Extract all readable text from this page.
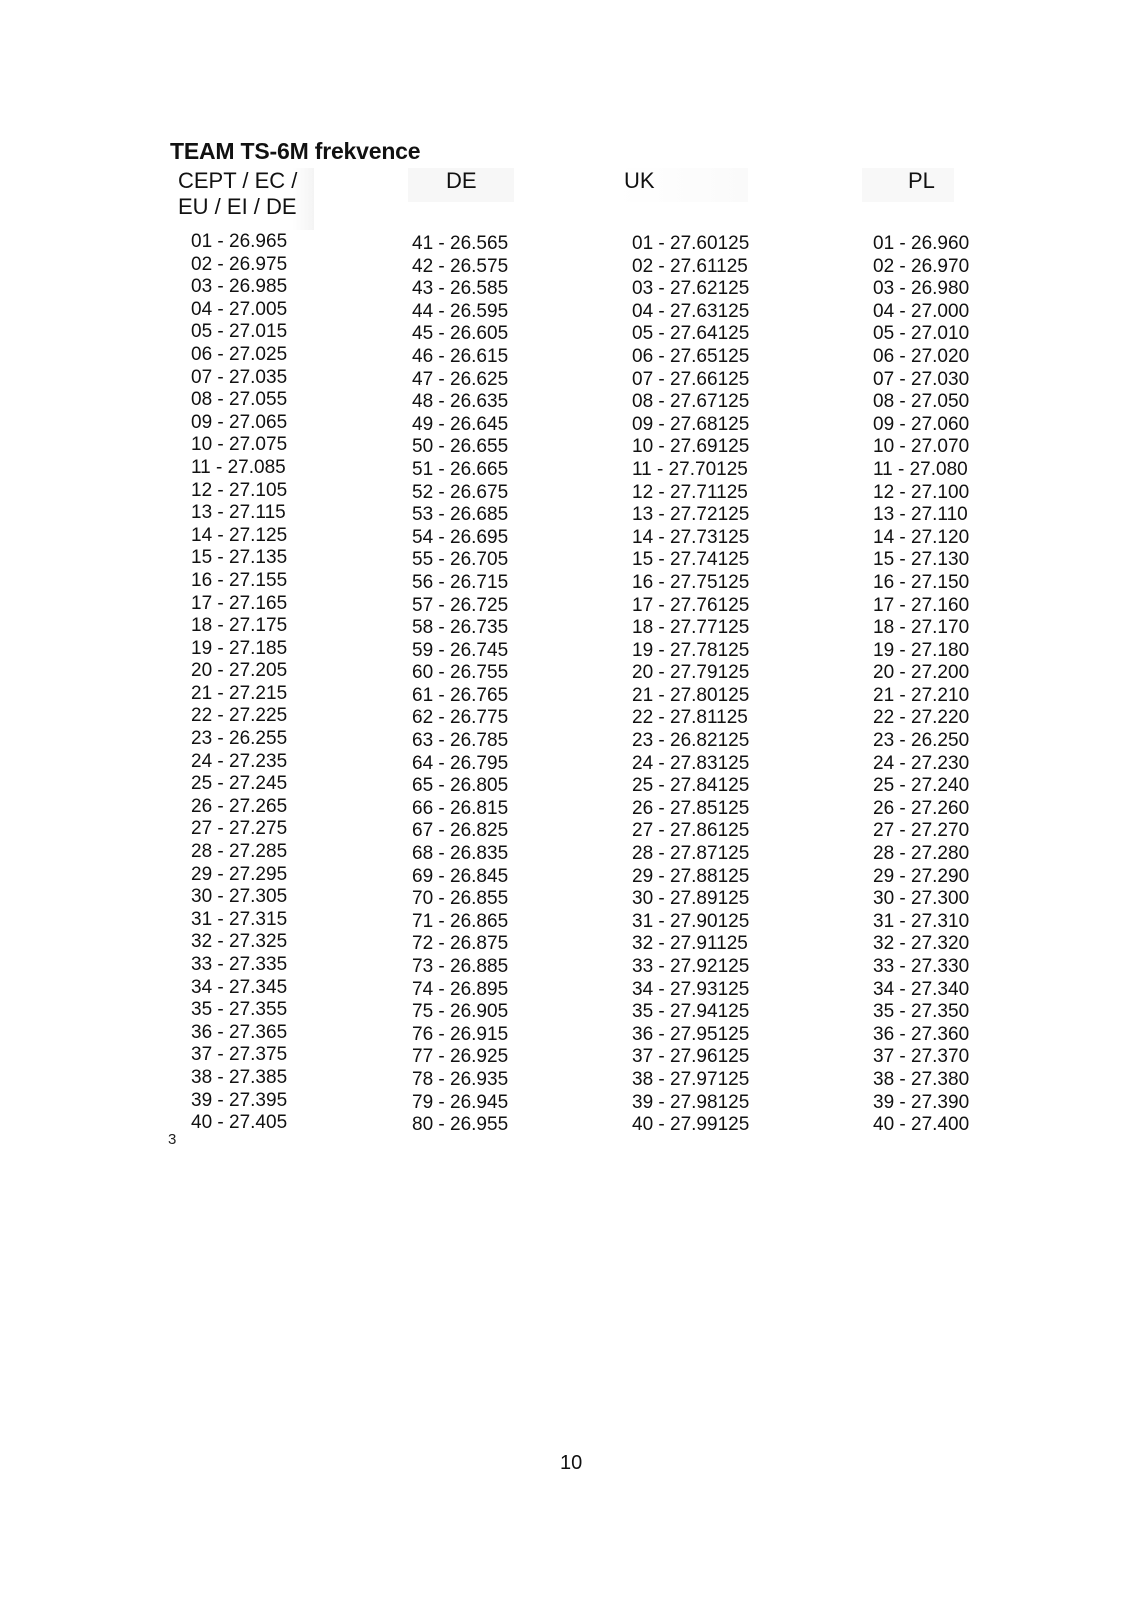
TEAM TS-6M frekvence
CEPT / EC /
EU / EI / DE
DE	UK	PL
01 - 26.965
02 - 26.975
03 - 26.985
04 - 27.005
05 - 27.015
06 - 27.025
07 - 27.035
08 - 27.055
09 - 27.065
10 - 27.075
11 - 27.085
12 - 27.105
13 - 27.115
14 - 27.125
15 - 27.135
16 - 27.155
17 - 27.165
18 - 27.175
19 - 27.185
20 - 27.205
21 - 27.215
22 - 27.225
23 - 26.255
24 - 27.235
25 - 27.245
26 - 27.265
27 - 27.275
28 - 27.285
29 - 27.295
30 - 27.305
31 - 27.315
32 - 27.325
33 - 27.335
34 - 27.345
35 - 27.355
36 - 27.365
37 - 27.375
38 - 27.385
39 - 27.395
40 - 27.405
41 - 26.565
42 - 26.575
43 - 26.585
44 - 26.595
45 - 26.605
46 - 26.615
47 - 26.625
48 - 26.635
49 - 26.645
50 - 26.655
51 - 26.665
52 - 26.675
53 - 26.685
54 - 26.695
55 - 26.705
56 - 26.715
57 - 26.725
58 - 26.735
59 - 26.745
60 - 26.755
61 - 26.765
62 - 26.775
63 - 26.785
64 - 26.795
65 - 26.805
66 - 26.815
67 - 26.825
68 - 26.835
69 - 26.845
70 - 26.855
71 - 26.865
72 - 26.875
73 - 26.885
74 - 26.895
75 - 26.905
76 - 26.915
77 - 26.925
78 - 26.935
79 - 26.945
80 - 26.955
01 - 27.60125
02 - 27.61125
03 - 27.62125
04 - 27.63125
05 - 27.64125
06 - 27.65125
07 - 27.66125
08 - 27.67125
09 - 27.68125
10 - 27.69125
11 - 27.70125
12 - 27.71125
13 - 27.72125
14 - 27.73125
15 - 27.74125
16 - 27.75125
17 - 27.76125
18 - 27.77125
19 - 27.78125
20 - 27.79125
21 - 27.80125
22 - 27.81125
23 - 26.82125
24 - 27.83125
25 - 27.84125
26 - 27.85125
27 - 27.86125
28 - 27.87125
29 - 27.88125
30 - 27.89125
31 - 27.90125
32 - 27.91125
33 - 27.92125
34 - 27.93125
35 - 27.94125
36 - 27.95125
37 - 27.96125
38 - 27.97125
39 - 27.98125
40 - 27.99125
01 - 26.960
02 - 26.970
03 - 26.980
04 - 27.000
05 - 27.010
06 - 27.020
07 - 27.030
08 - 27.050
09 - 27.060
10 - 27.070
11 - 27.080
12 - 27.100
13 - 27.110
14 - 27.120
15 - 27.130
16 - 27.150
17 - 27.160
18 - 27.170
19 - 27.180
20 - 27.200
21 - 27.210
22 - 27.220
23 - 26.250
24 - 27.230
25 - 27.240
26 - 27.260
27 - 27.270
28 - 27.280
29 - 27.290
30 - 27.300
31 - 27.310
32 - 27.320
33 - 27.330
34 - 27.340
35 - 27.350
36 - 27.360
37 - 27.370
38 - 27.380
39 - 27.390
40 - 27.400
3
10
